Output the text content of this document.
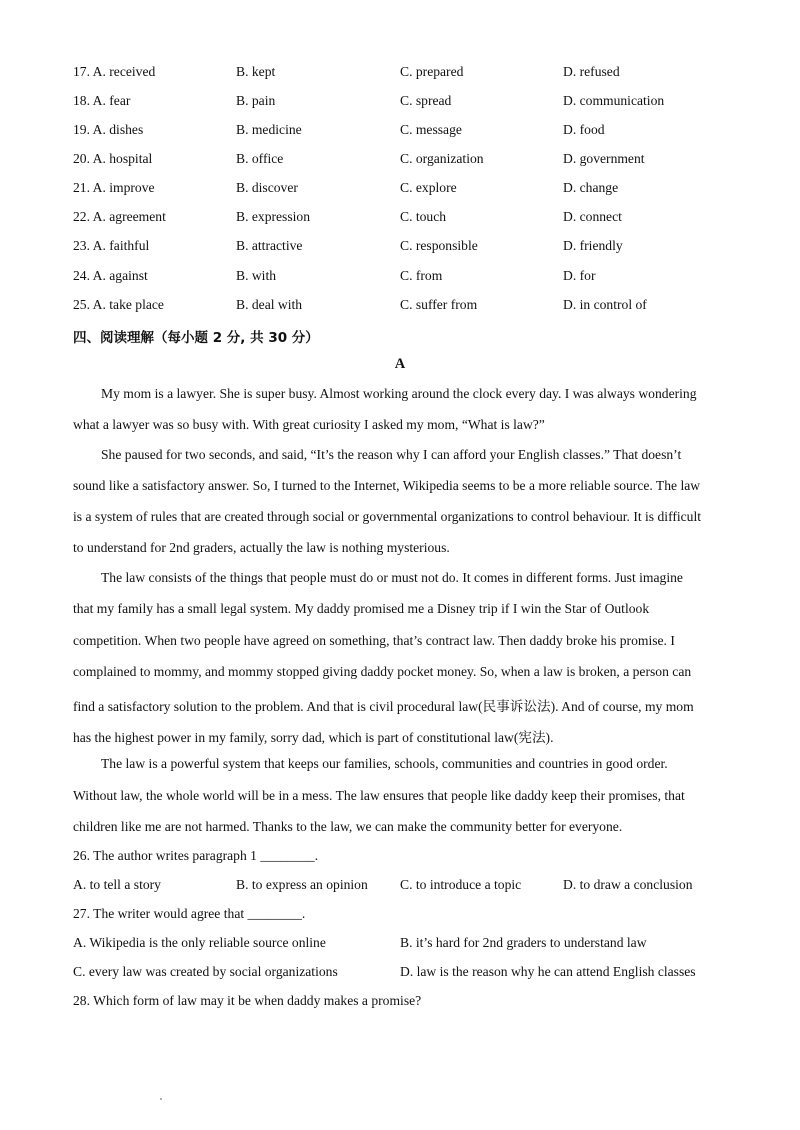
17. A. received	B. kept	C. prepared	D. refused
18. A. fear	B. pain	C. spread	D. communication
19. A. dishes	B. medicine	C. message	D. food
20. A. hospital	B. office	C. organization	D. government
21. A. improve	B. discover	C. explore	D. change
22. A. agreement	B. expression	C. touch	D. connect
23. A. faithful	B. attractive	C. responsible	D. friendly
24. A. against	B. with	C. from	D. for
25. A. take place	B. deal with	C. suffer from	D. in control of
四、阅读理解（每小题 2 分, 共 30 分）
A
My mom is a lawyer. She is super busy. Almost working around the clock every day. I was always wondering
what a lawyer was so busy with. With great curiosity I asked my mom, “What is law?”
She paused for two seconds, and said, “It’s the reason why I can afford your English classes.” That doesn’t
sound like a satisfactory answer. So, I turned to the Internet, Wikipedia seems to be a more reliable source. The law
is a system of rules that are created through social or governmental organizations to control behaviour. It is difficult
to understand for 2nd graders, actually the law is nothing mysterious.
The law consists of the things that people must do or must not do. It comes in different forms. Just imagine
that my family has a small legal system. My daddy promised me a Disney trip if I win the Star of Outlook
competition. When two people have agreed on something, that’s contract law. Then daddy broke his promise. I
complained to mommy, and mommy stopped giving daddy pocket money. So, when a law is broken, a person can
find a satisfactory solution to the problem. And that is civil procedural law(民事诉讼法). And of course, my mom
has the highest power in my family, sorry dad, which is part of constitutional law(宪法).
The law is a powerful system that keeps our families, schools, communities and countries in good order.
Without law, the whole world will be in a mess. The law ensures that people like daddy keep their promises, that
children like me are not harmed. Thanks to the law, we can make the community better for everyone.
26. The author writes paragraph 1 ________.
A. to tell a story	B. to express an opinion C. to introduce a topic	D. to draw a conclusion
27. The writer would agree that ________.
A. Wikipedia is the only reliable source online	B. it’s hard for 2nd graders to understand law
C. every law was created by social organizations	D. law is the reason why he can attend English classes
28. Which form of law may it be when daddy makes a promise?
